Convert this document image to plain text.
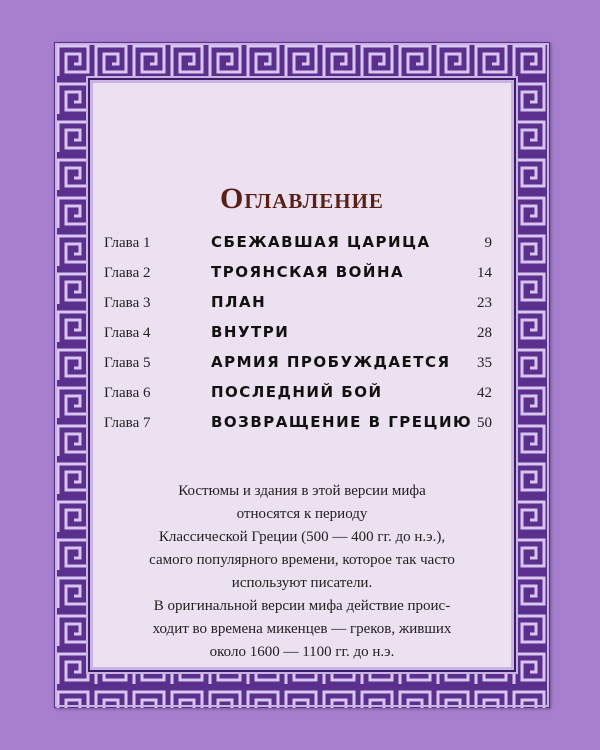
Оглавление
Глава 1	СБЕЖАВШАЯ ЦАРИЦА	9
Глава 2	ТРОЯНСКАЯ ВОЙНА	14
Глава 3	ПЛАН	23
Глава 4	ВНУТРИ	28
Глава 5	АРМИЯ ПРОБУЖДАЕТСЯ 35
Глава 6	ПОСЛЕДНИЙ БОЙ	42
Глава 7	ВОЗВРАЩЕНИЕ В ГРЕЦИЮ 50

Костюмы и здания в этой версии мифа

относятся к периоду

Классической Греции (500 — 400 гг. до н.э.),

самого популярного времени, которое так часто

используют писатели.

В оригинальной версии мифа действие проис-

ходит во времена микенцев — греков, живших

около 1600 — 1100 гг. до н.э.
